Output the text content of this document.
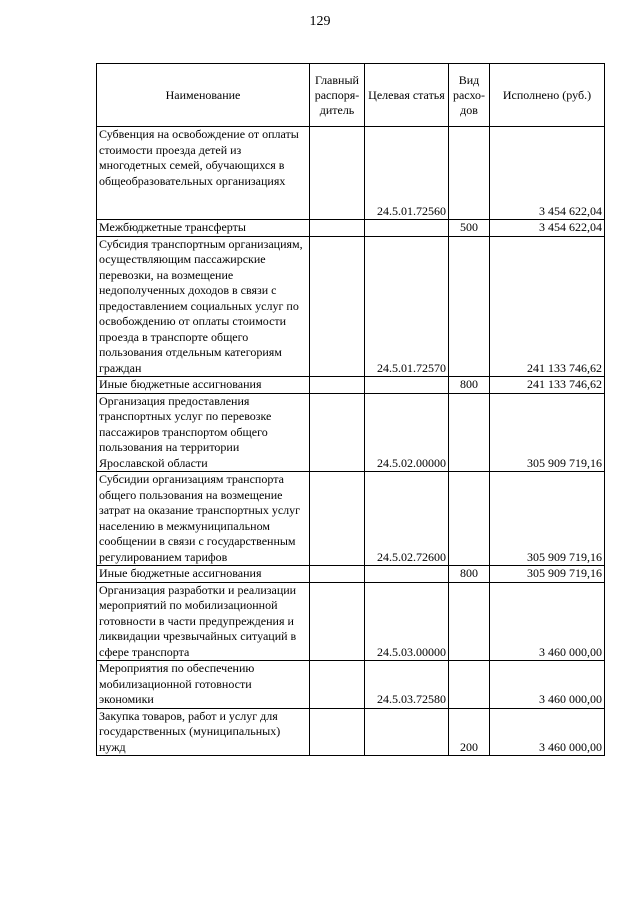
129
Наименование	Главный распоря-дитель	Целевая статья	Вид расхо-дов	Исполнено (руб.)

Субвенция на освобождение от оплаты стоимости проезда детей из многодетных семей, обучающихся в общеобразовательных организациях		24.5.01.72560		3 454 622,04
Межбюджетные трансферты			500	3 454 622,04
Субсидия транспортным организациям, осуществляющим пассажирские перевозки, на возмещение недополученных доходов в связи с предоставлением социальных услуг по освобождению от оплаты стоимости проезда в транспорте общего пользования отдельным категориям граждан		24.5.01.72570		241 133 746,62
Иные бюджетные ассигнования			800	241 133 746,62
Организация предоставления транспортных услуг по перевозке пассажиров транспортом общего пользования на территории Ярославской области		24.5.02.00000		305 909 719,16
Субсидии организациям транспорта общего пользования на возмещение затрат на оказание транспортных услуг населению в межмуниципальном сообщении в связи с государственным регулированием тарифов		24.5.02.72600		305 909 719,16
Иные бюджетные ассигнования			800	305 909 719,16
Организация разработки и реализации мероприятий по мобилизационной готовности в части предупреждения и ликвидации чрезвычайных ситуаций в сфере транспорта		24.5.03.00000		3 460 000,00
Мероприятия по обеспечению мобилизационной готовности экономики		24.5.03.72580		3 460 000,00
Закупка товаров, работ и услуг для государственных (муниципальных) нужд			200	3 460 000,00
